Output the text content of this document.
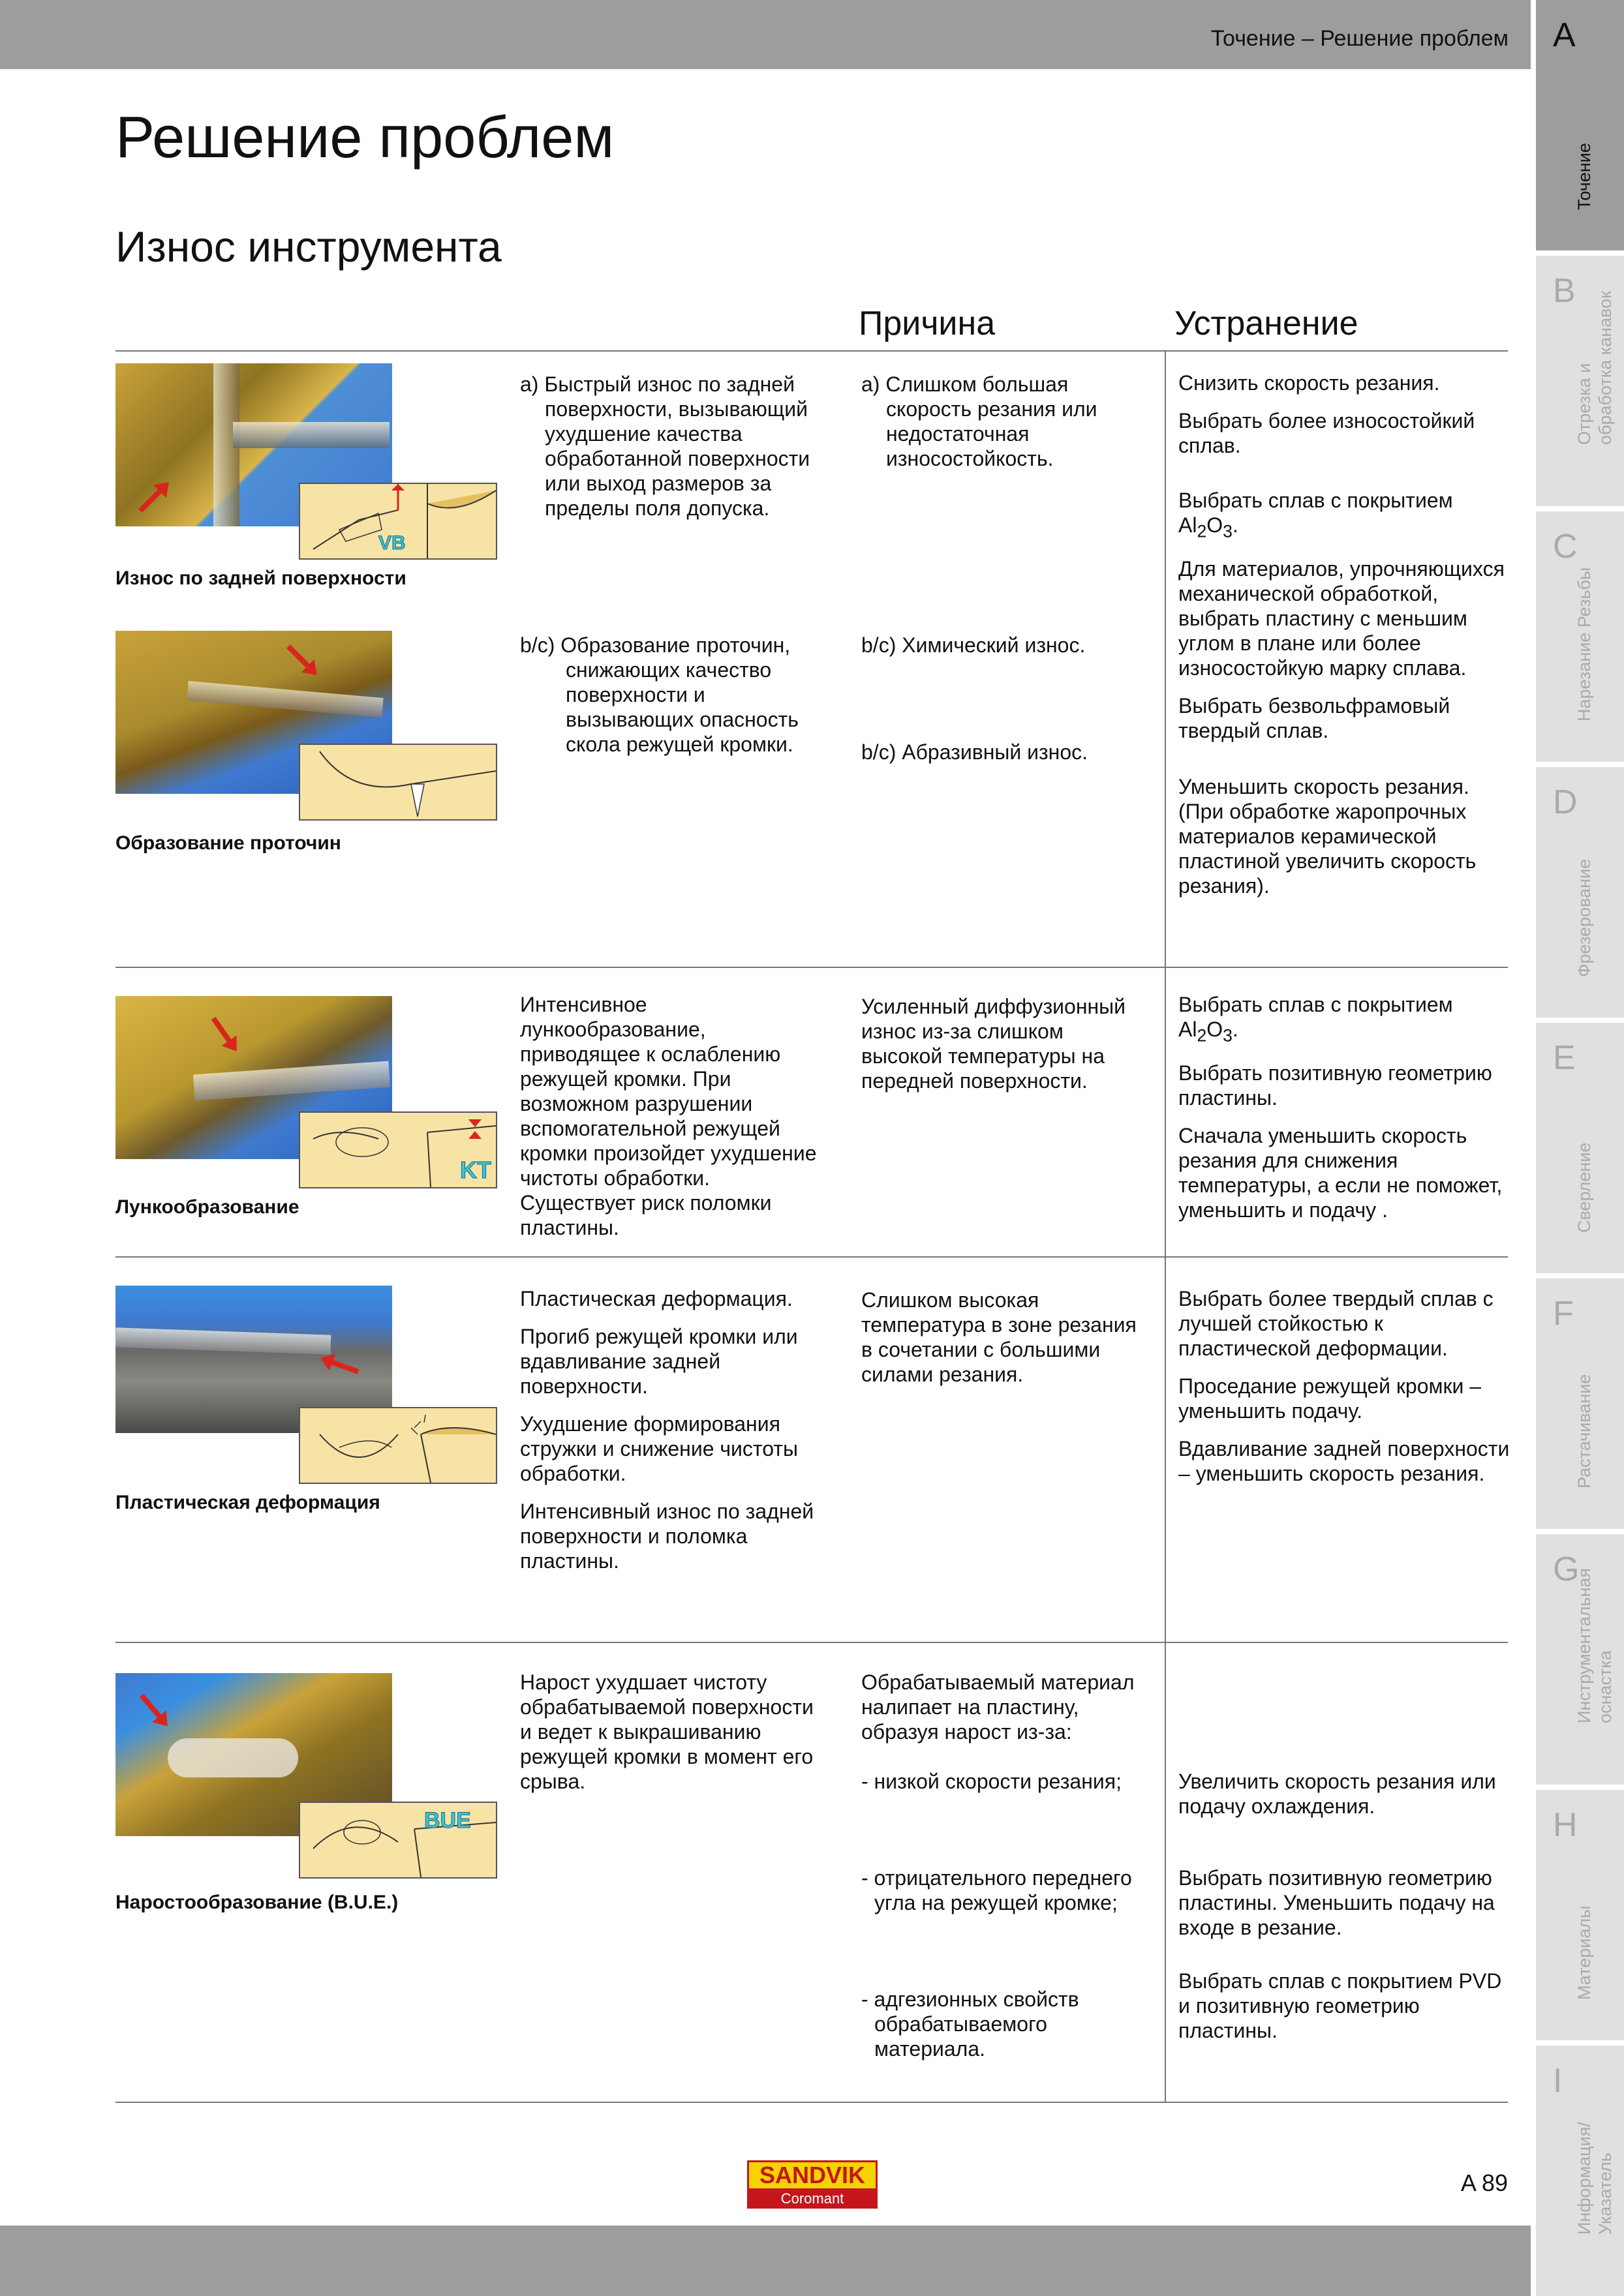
Точение – Решение проблем A
Точение
B
Отрезка и обработка канавок
C
Нарезание Резьбы
D
Фрезерование
E
Сверление
F
Растачивание
G
Инструментальная оснастка
H
Материалы
I
Информация/ Указатель
Решение проблем
Износ инструмента
Причина	Устранение
VB
Износ по задней поверхности
Образование проточин
a) Быстрый износ по задней поверхности, вызывающий ухудшение качества обработанной поверхности или выход размеров за пределы поля допуска.
b/c) Образование проточин, снижающих качество поверхности и вызывающих опасность скола режущей кромки.
a) Слишком большая скорость резания или недостаточная износостойкость.
b/c) Химический износ.
b/c) Абразивный износ.

Снизить скорость резания.

Выбрать более износостойкий сплав.

Выбрать сплав с покрытием $Al_2O_3$.

Для материалов, упрочняющихся механической обработкой, выбрать пластину с меньшим углом в плане или более износостойкую марку сплава.

Выбрать безвольфрамовый твердый сплав.

Уменьшить скорость резания. (При обработке жаропрочных материалов керамической пластиной увеличить скорость резания).

KT
Лункообразование
Интенсивное лункообразование, приводящее к ослаблению режущей кромки. При возможном разрушении вспомогательной режущей кромки произойдет ухудшение чистоты обработки. Существует риск поломки пластины.
Усиленный диффузионный износ из-за слишком высокой температуры на передней поверхности.

Выбрать сплав с покрытием $Al_2O_3$.

Выбрать позитивную геометрию пластины.

Сначала уменьшить скорость резания для снижения температуры, а если не поможет, уменьшить и подачу .

Пластическая деформация

Пластическая деформация.

Прогиб режущей кромки или вдавливание задней поверхности.

Ухудшение формирования стружки и снижение чистоты обработки.

Интенсивный износ по задней поверхности и поломка пластины.

Слишком высокая температура в зоне резания в сочетании с большими силами резания.

Выбрать более твердый сплав с лучшей стойкостью к пластической деформации.

Проседание режущей кромки – уменьшить подачу.

Вдавливание задней поверхности – уменьшить скорость резания.

BUE
Наростообразование (B.U.E.)
Нарост ухудшает чистоту обрабатываемой поверхности и ведет к выкрашиванию режущей кромки в момент его срыва.

Обрабатываемый материал налипает на пластину, образуя нарост из-за:

- низкой скорости резания;

- отрицательного переднего угла на режущей кромке;

- адгезионных свойств обрабатываемого материала.

Увеличить скорость резания или подачу охлаждения.

Выбрать позитивную геометрию пластины. Уменьшить подачу на входе в резание.

Выбрать сплав с покрытием PVD и позитивную геометрию пластины.

SANDVIK
Coromant
A 89
